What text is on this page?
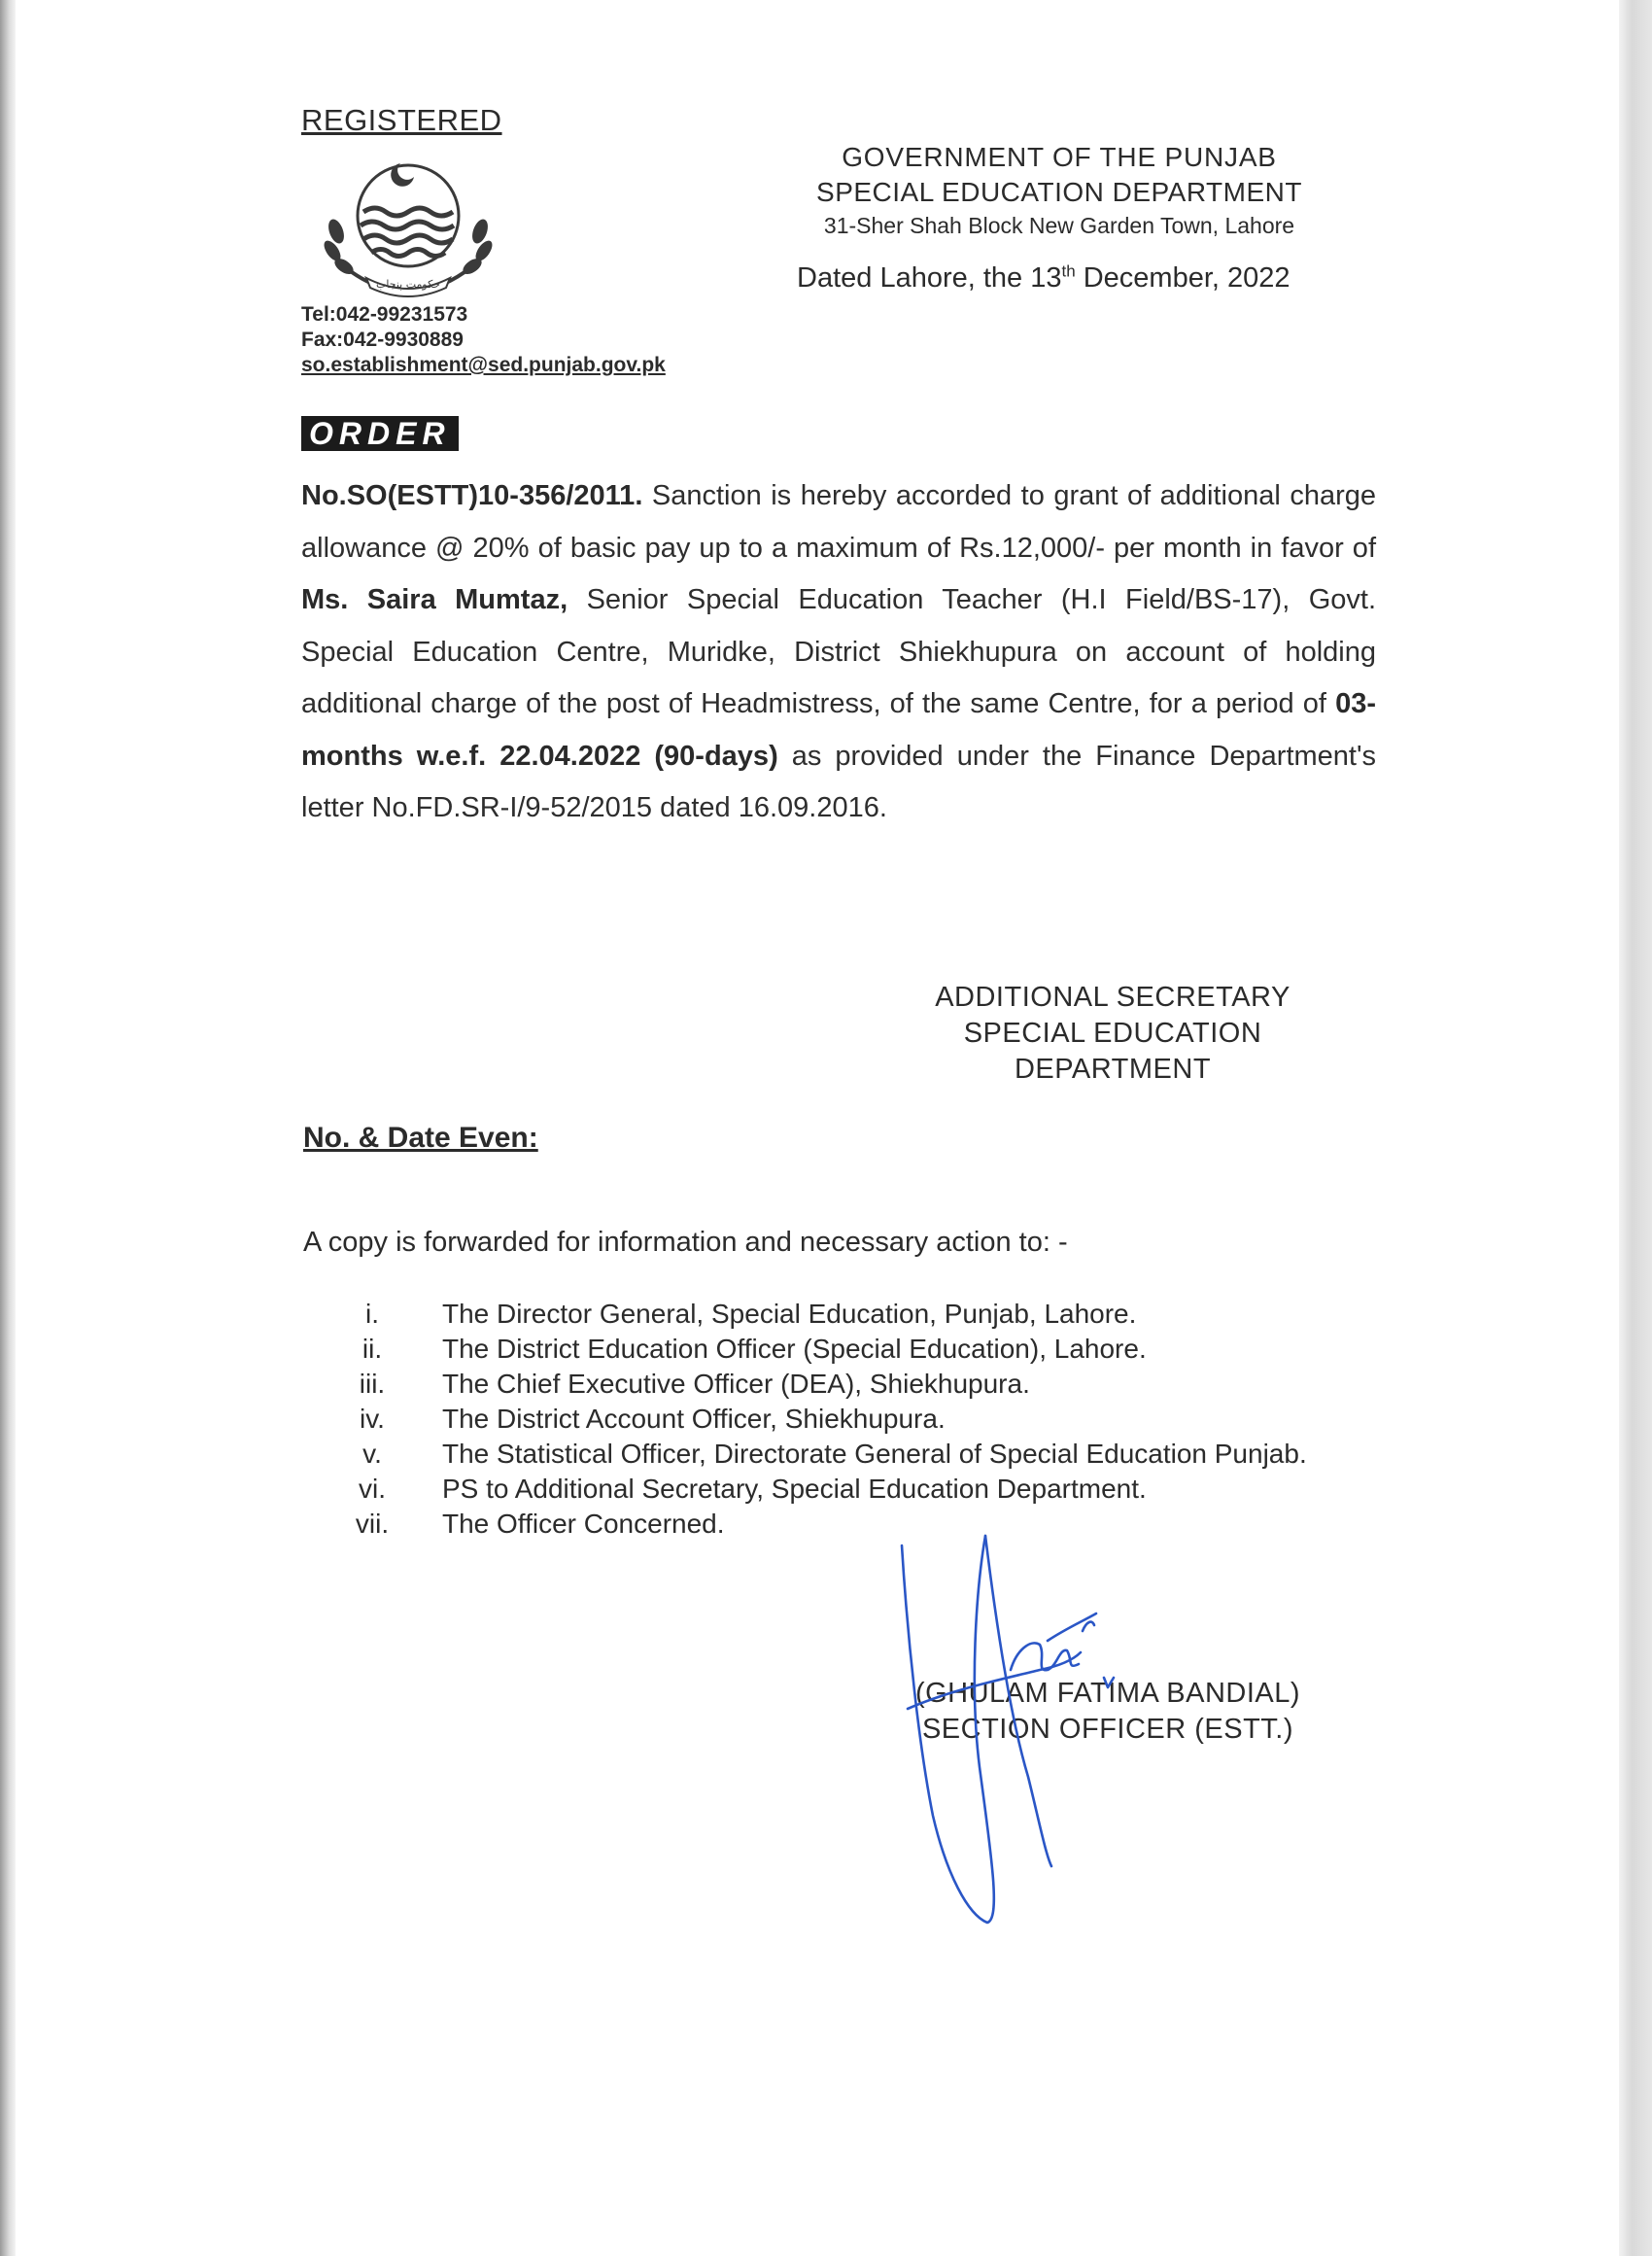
REGISTERED
حکومت پنجاب
Tel:042-99231573
Fax:042-9930889
so.establishment@sed.punjab.gov.pk
GOVERNMENT OF THE PUNJAB
SPECIAL EDUCATION DEPARTMENT
31-Sher Shah Block New Garden Town, Lahore
Dated Lahore, the 13th December, 2022
ORDER
No.SO(ESTT)10-356/2011. Sanction is hereby accorded to grant of additional charge allowance @ 20% of basic pay up to a maximum of Rs.12,000/- per month in favor of Ms. Saira Mumtaz, Senior Special Education Teacher (H.I Field/BS-17), Govt. Special Education Centre, Muridke, District Shiekhupura on account of holding additional charge of the post of Headmistress, of the same Centre, for a period of 03-months w.e.f. 22.04.2022 (90-days) as provided under the Finance Department's letter No.FD.SR-I/9-52/2015 dated 16.09.2016.
ADDITIONAL SECRETARY
SPECIAL EDUCATION
DEPARTMENT
No. & Date Even:
A copy is forwarded for information and necessary action to: -
i.	The Director General, Special Education, Punjab, Lahore.
ii.	The District Education Officer (Special Education), Lahore.
iii.	The Chief Executive Officer (DEA), Shiekhupura.
iv.	The District Account Officer, Shiekhupura.
v.	The Statistical Officer, Directorate General of Special Education Punjab.
vi.	PS to Additional Secretary, Special Education Department.
vii.	The Officer Concerned.
(GHULAM FATIMA BANDIAL)
SECTION OFFICER (ESTT.)
